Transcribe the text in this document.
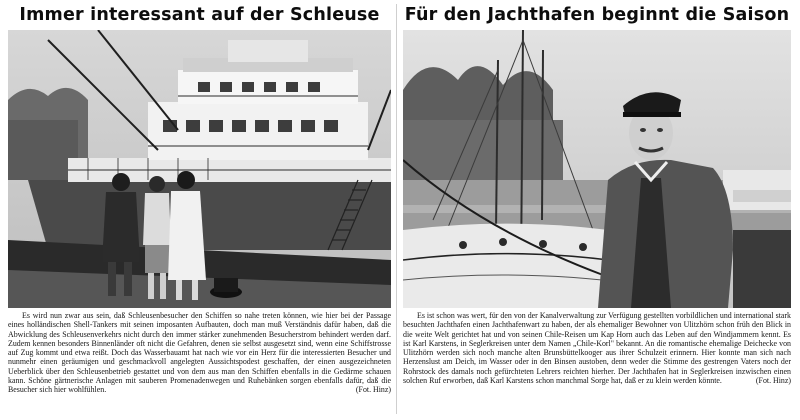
Immer interessant auf der Schleuse
Es wird nun zwar aus sein, daß Schleusenbesucher den Schiffen so nahe treten können, wie hier bei der Passage eines holländischen Shell-Tankers mit seinen imposanten Aufbauten, doch man muß Verständnis dafür haben, daß die Abwicklung des Schleusenverkehrs nicht durch den immer stärker zunehmenden Besucherstrom behindert werden darf. Zudem kennen besonders Binnenländer oft nicht die Gefahren, denen sie selbst ausgesetzt sind, wenn eine Schiffstrosse auf Zug kommt und etwa reißt. Doch das Wasserbauamt hat nach wie vor ein Herz für die interessierten Besucher und nunmehr einen geräumigen und geschmackvoll angelegten Aussichtspodest geschaffen, der einen ausgezeichneten Ueberblick über den Schleusenbetrieb gestattet und von dem aus man den Schiffen ebenfalls in die Gedärme schauen kann. Schöne gärtnerische Anlagen mit sauberen Promenadenwegen und Ruhebänken sorgen ebenfalls dafür, daß die Besucher sich hier wohlfühlen.	(Fot. Hinz)
Für den Jachthafen beginnt die Saison
Es ist schon was wert, für den von der Kanalverwaltung zur Verfügung gestellten vorbildlichen und international stark besuchten Jachthafen einen Jachthafenwart zu haben, der als ehemaliger Bewohner von Ulitzhörn schon früh den Blick in die weite Welt gerichtet hat und von seinen Chile-Reisen um Kap Horn auch das Leben auf den Windjammern kennt. Es ist Karl Karstens, in Seglerkreisen unter dem Namen „Chile-Korl" bekannt. An die romantische ehemalige Deichecke von Ulitzhörn werden sich noch manche alten Brunsbüttelkooger aus ihrer Schulzeit erinnern. Hier konnte man sich nach Herzenslust am Deich, im Wasser oder in den Binsen austoben, denn weder die Stimme des gestrengen Vaters noch der Rohrstock des damals noch gefürchteten Lehrers reichten hierher. Der Jachthafen hat in Seglerkreisen inzwischen einen solchen Ruf erworben, daß Karl Karstens schon manchmal Sorge hat, daß er zu klein werden könnte.	(Fot. Hinz)
